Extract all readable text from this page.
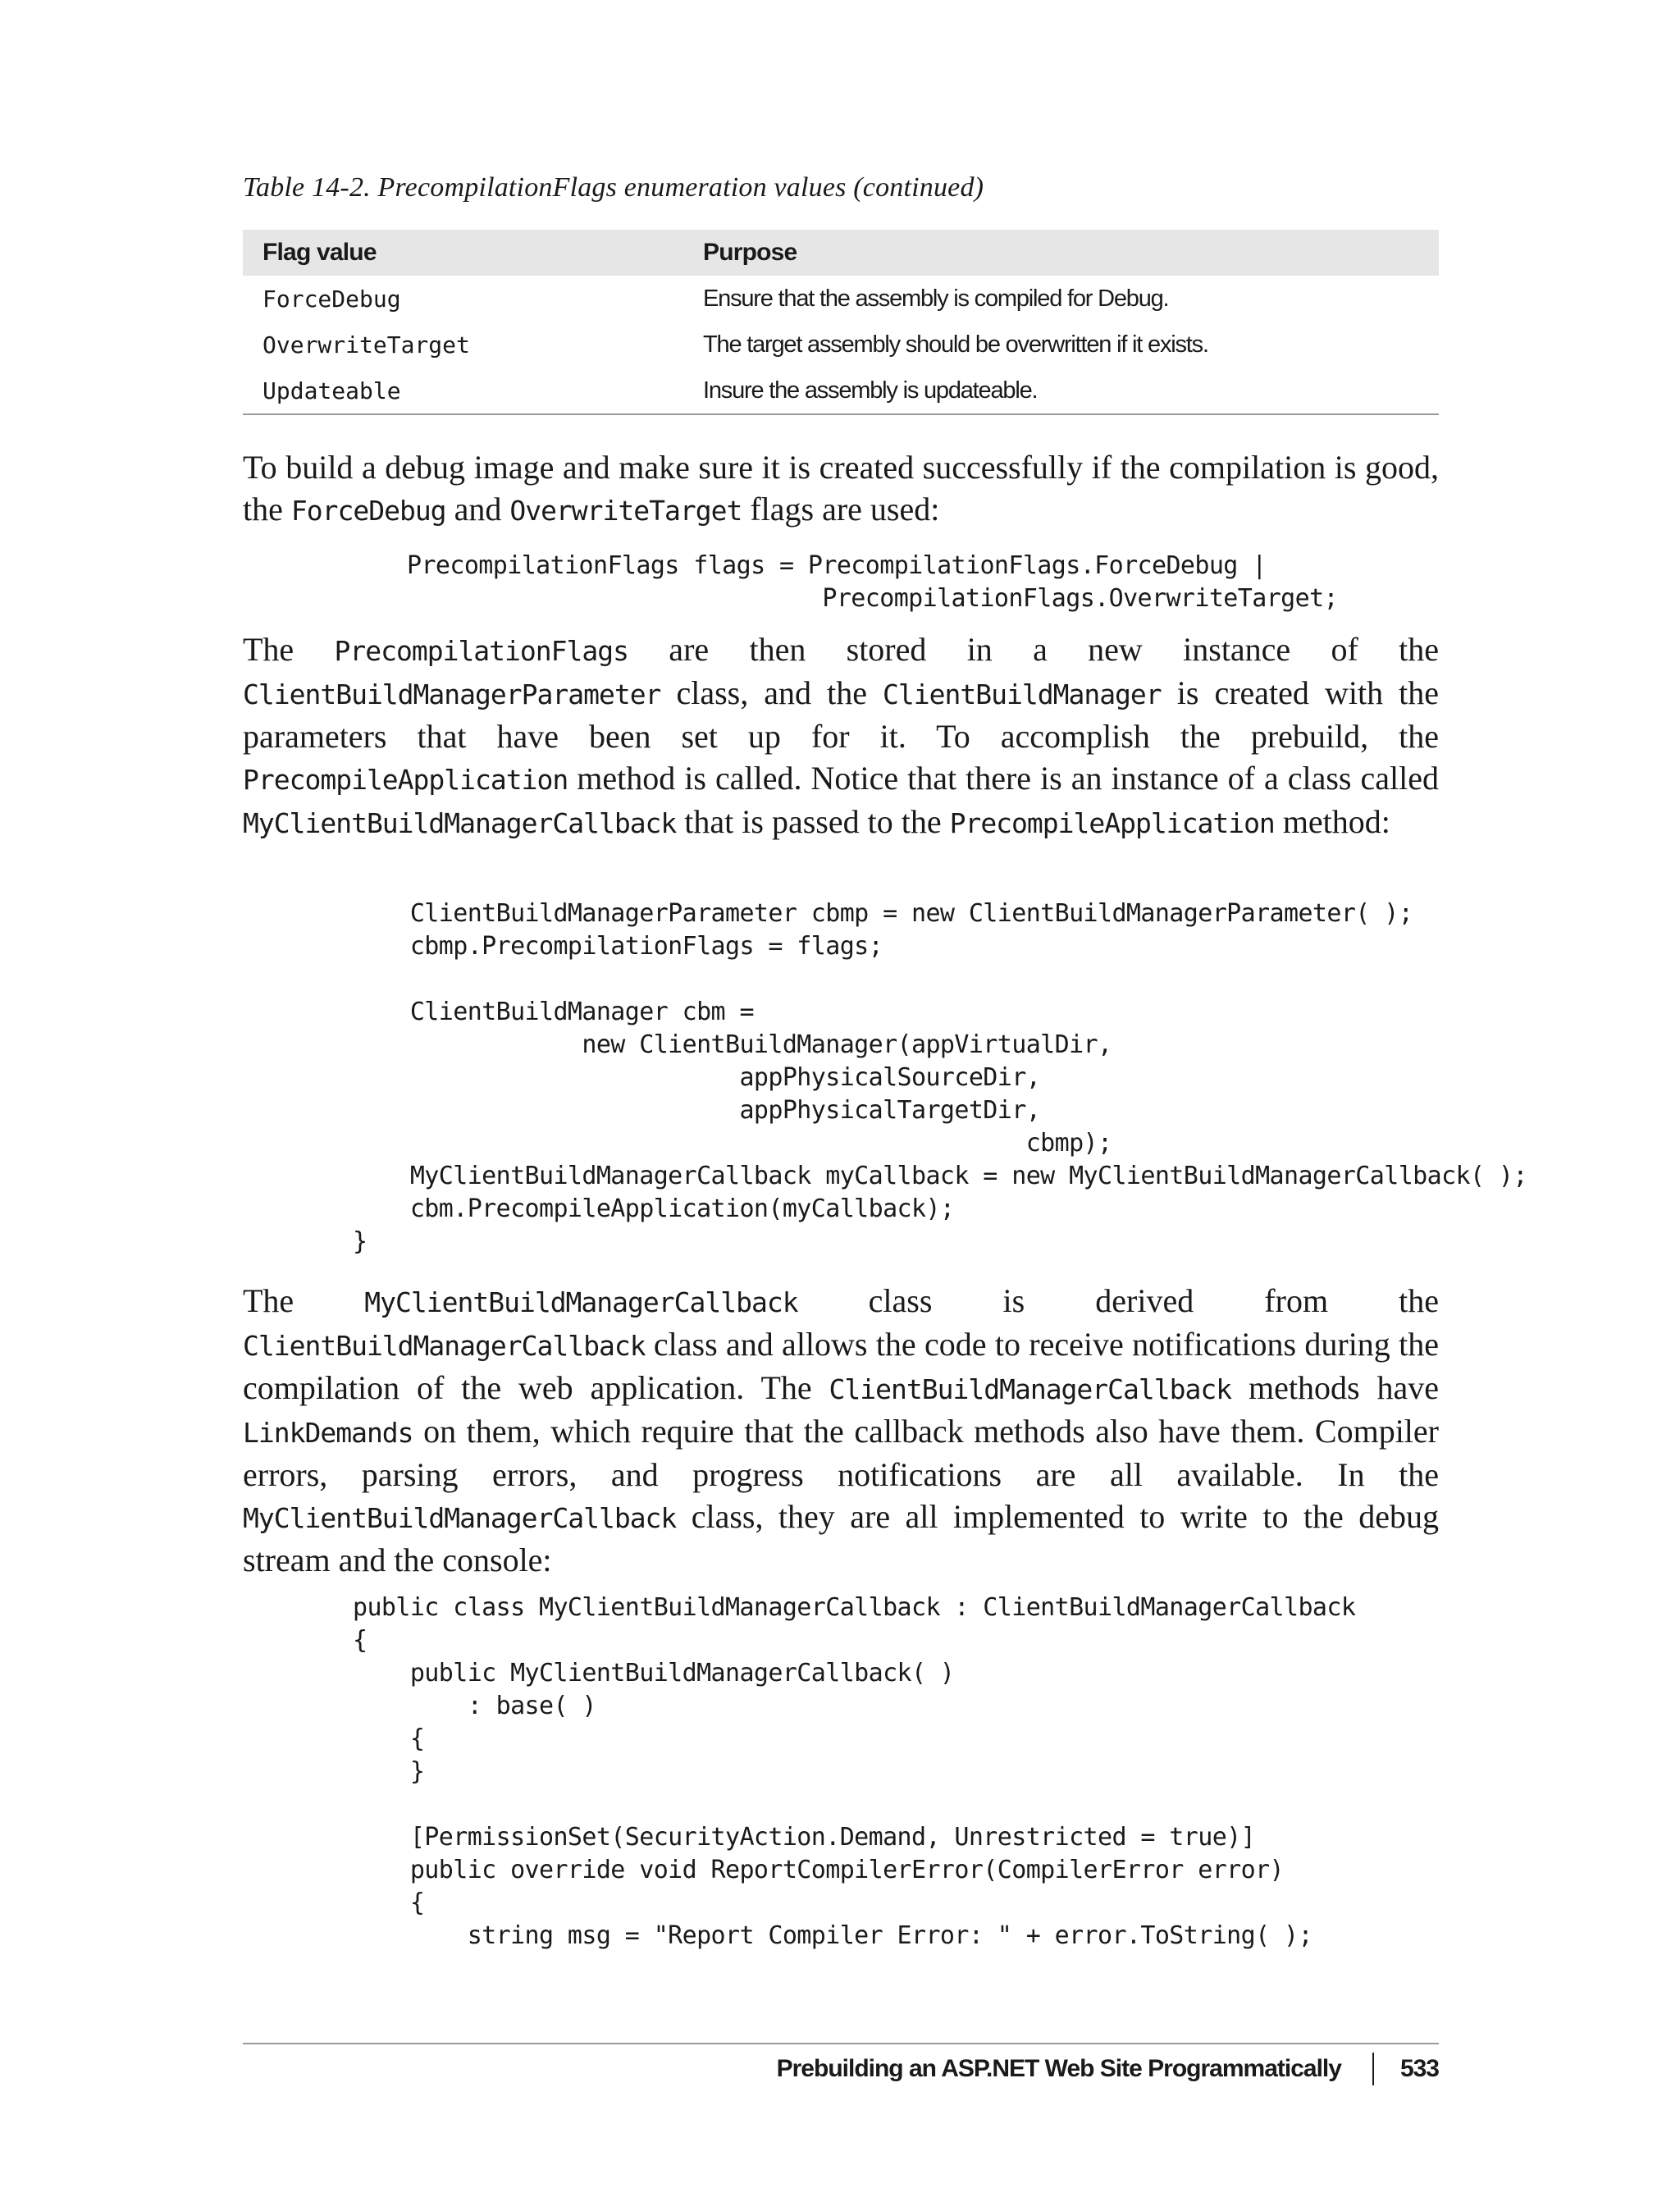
Table 14-2. PrecompilationFlags enumeration values (continued)
Flag value	Purpose
ForceDebug	Ensure that the assembly is compiled for Debug.
OverwriteTarget	The target assembly should be overwritten if it exists.
Updateable	Insure the assembly is updateable.

To build a debug image and make sure it is created successfully if the compilation is good, the ForceDebug and OverwriteTarget flags are used:

PrecompilationFlags flags = PrecompilationFlags.ForceDebug |
PrecompilationFlags.OverwriteTarget;

The PrecompilationFlags are then stored in a new instance of the ClientBuildManagerParameter class, and the ClientBuildManager is created with the parameters that have been set up for it. To accomplish the prebuild, the PrecompileApplication method is called. Notice that there is an instance of a class called MyClientBuildManagerCallback that is passed to the PrecompileApplication method:

ClientBuildManagerParameter cbmp = new ClientBuildManagerParameter( );
cbmp.PrecompilationFlags = flags;

ClientBuildManager cbm =
new ClientBuildManager(appVirtualDir,
appPhysicalSourceDir,
appPhysicalTargetDir,
cbmp);
MyClientBuildManagerCallback myCallback = new MyClientBuildManagerCallback( );
cbm.PrecompileApplication(myCallback);
}

The MyClientBuildManagerCallback class is derived from the ClientBuildManagerCallback class and allows the code to receive notifications during the compilation of the web application. The ClientBuildManagerCallback methods have LinkDemands on them, which require that the callback methods also have them. Compiler errors, parsing errors, and progress notifications are all available. In the MyClientBuildManagerCallback class, they are all implemented to write to the debug stream and the console:

public class MyClientBuildManagerCallback : ClientBuildManagerCallback
{
public MyClientBuildManagerCallback( )
: base( )
{
}

[PermissionSet(SecurityAction.Demand, Unrestricted = true)]
public override void ReportCompilerError(CompilerError error)
{
string msg = "Report Compiler Error: " + error.ToString( );
Prebuilding an ASP.NET Web Site Programmatically 533
